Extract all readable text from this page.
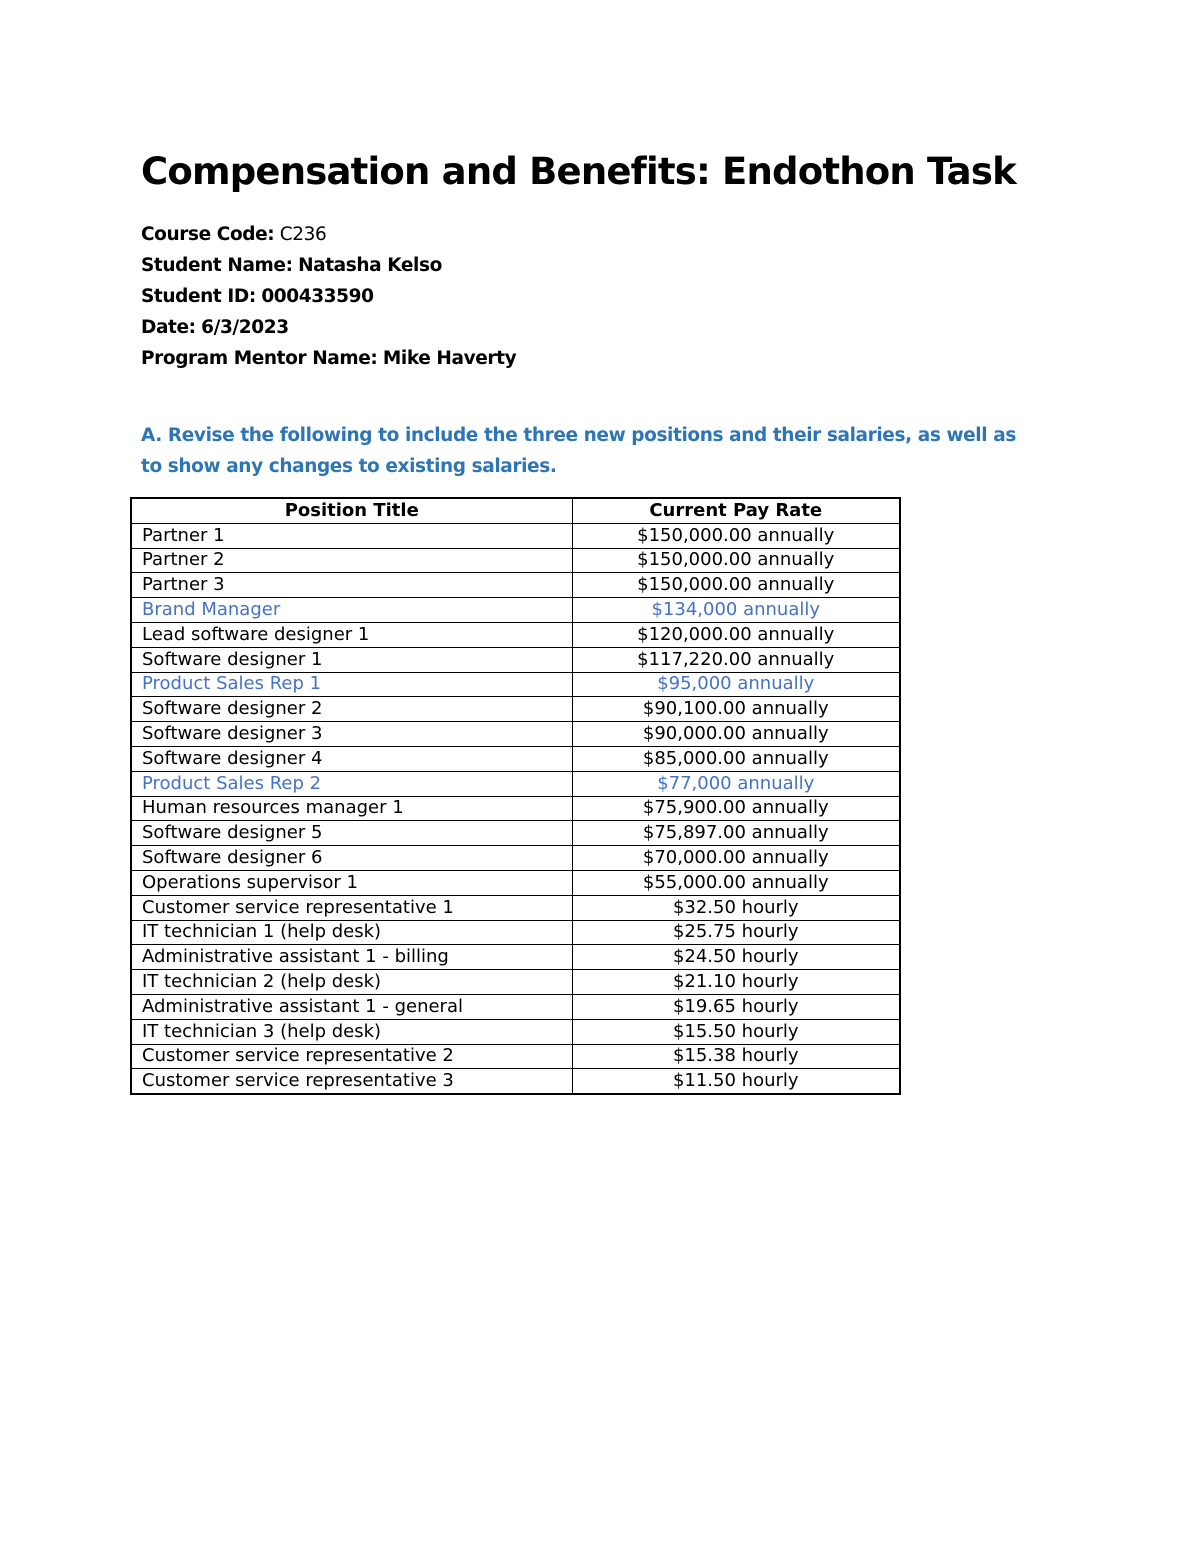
Compensation and Benefits: Endothon Task
Course Code: C236
Student Name: Natasha Kelso
Student ID: 000433590
Date: 6/3/2023
Program Mentor Name: Mike Haverty
A. Revise the following to include the three new positions and their salaries, as well as to show any changes to existing salaries.
Position Title	Current Pay Rate
Partner 1	$150,000.00 annually
Partner 2	$150,000.00 annually
Partner 3	$150,000.00 annually
Brand Manager	$134,000 annually
Lead software designer 1	$120,000.00 annually
Software designer 1	$117,220.00 annually
Product Sales Rep 1	$95,000 annually
Software designer 2	$90,100.00 annually
Software designer 3	$90,000.00 annually
Software designer 4	$85,000.00 annually
Product Sales Rep 2	$77,000 annually
Human resources manager 1	$75,900.00 annually
Software designer 5	$75,897.00 annually
Software designer 6	$70,000.00 annually
Operations supervisor 1	$55,000.00 annually
Customer service representative 1	$32.50 hourly
IT technician 1 (help desk)	$25.75 hourly
Administrative assistant 1 - billing	$24.50 hourly
IT technician 2 (help desk)	$21.10 hourly
Administrative assistant 1 - general	$19.65 hourly
IT technician 3 (help desk)	$15.50 hourly
Customer service representative 2	$15.38 hourly
Customer service representative 3	$11.50 hourly
